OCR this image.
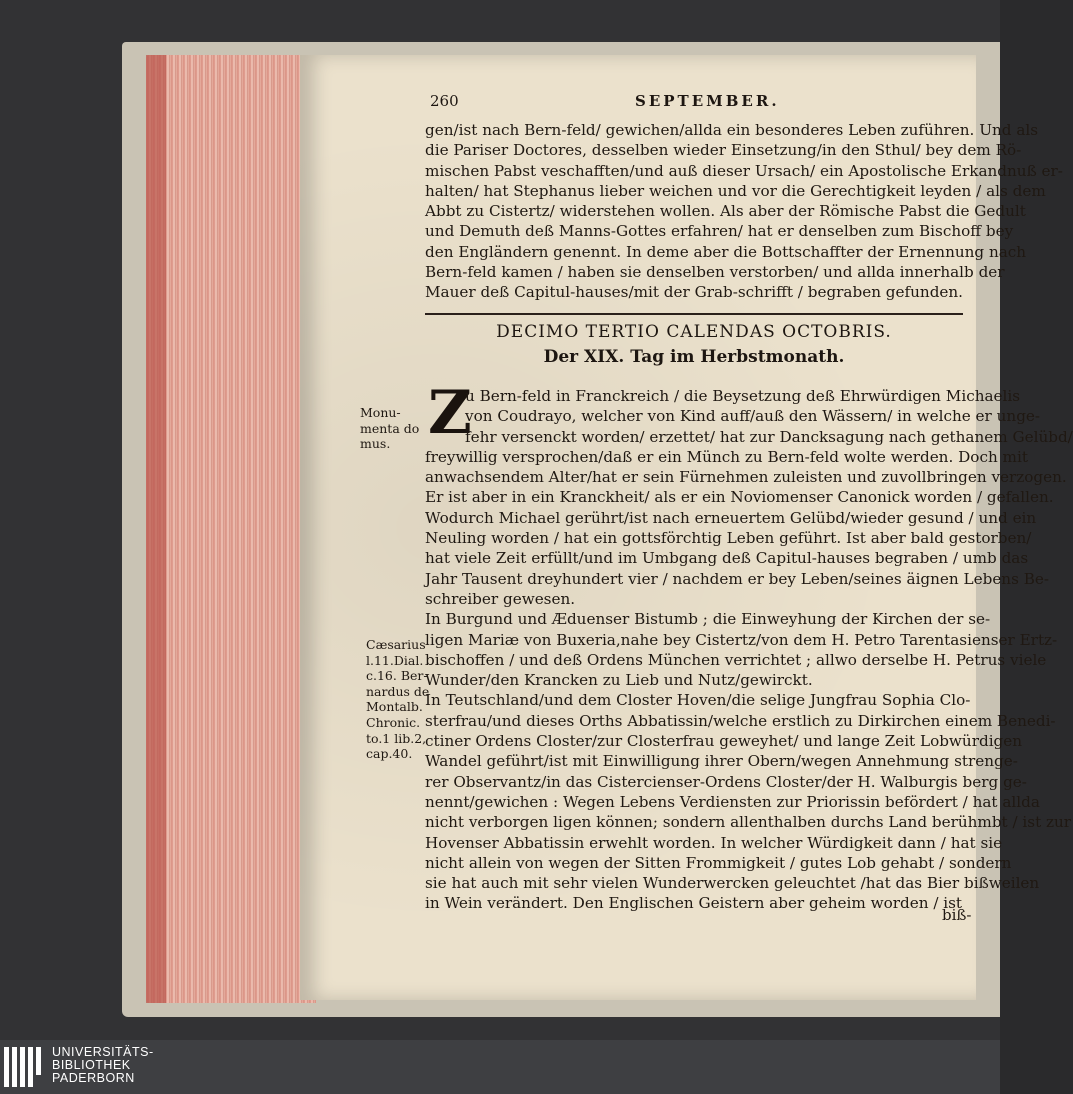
260	SEPTEMBER.
gen/ist nach Bern-feld/ gewichen/allda ein besonderes Leben zuführen. Und als
die Pariser Doctores, desselben wieder Einsetzung/in den Sthul/ bey dem Rö-
mischen Pabst veschafften/und auß dieser Ursach/ ein Apostolische Erkandnuß er-
halten/ hat Stephanus lieber weichen und vor die Gerechtigkeit leyden / als dem
Abbt zu Cistertz/ widerstehen wollen. Als aber der Römische Pabst die Gedult
und Demuth deß Manns-Gottes erfahren/ hat er denselben zum Bischoff bey
den Engländern genennt. In deme aber die Bottschaffter der Ernennung nach
Bern-feld kamen / haben sie denselben verstorben/ und allda innerhalb der
Mauer deß Capitul-hauses/mit der Grab-schrifft / begraben gefunden.
DECIMO TERTIO CALENDAS OCTOBRIS.
Der XIX. Tag im Herbstmonath.
Z
u Bern-feld in Franckreich / die Beysetzung deß Ehrwürdigen Michaelis
von Coudrayo, welcher von Kind auff/auß den Wässern/ in welche er unge-
fehr versenckt worden/ erzettet/ hat zur Dancksagung nach gethanem Gelübd/
freywillig versprochen/daß er ein Münch zu Bern-feld wolte werden. Doch mit
anwachsendem Alter/hat er sein Fürnehmen zuleisten und zuvollbringen verzogen.
Er ist aber in ein Kranckheit/ als er ein Noviomenser Canonick worden / gefallen.
Wodurch Michael gerührt/ist nach erneuertem Gelübd/wieder gesund / und ein
Neuling worden / hat ein gottsförchtig Leben geführt. Ist aber bald gestorben/
hat viele Zeit erfüllt/und im Umbgang deß Capitul-hauses begraben / umb das
Jahr Tausent dreyhundert vier / nachdem er bey Leben/seines äignen Lebens Be-
schreiber gewesen.
In Burgund und Æduenser Bistumb ; die Einweyhung der Kirchen der se-
ligen Mariæ von Buxeria,nahe bey Cistertz/von dem H. Petro Tarentasienser Ertz-
bischoffen / und deß Ordens München verrichtet ; allwo derselbe H. Petrus viele
Wunder/den Krancken zu Lieb und Nutz/gewirckt.
In Teutschland/und dem Closter Hoven/die selige Jungfrau Sophia Clo-
sterfrau/und dieses Orths Abbatissin/welche erstlich zu Dirkirchen einem Benedi-
ctiner Ordens Closter/zur Closterfrau geweyhet/ und lange Zeit Lobwürdigen
Wandel geführt/ist mit Einwilligung ihrer Obern/wegen Annehmung strenge-
rer Observantz/in das Cistercienser-Ordens Closter/der H. Walburgis berg ge-
nennt/gewichen : Wegen Lebens Verdiensten zur Priorissin befördert / hat allda
nicht verborgen ligen können; sondern allenthalben durchs Land berühmbt / ist zur
Hovenser Abbatissin erwehlt worden. In welcher Würdigkeit dann / hat sie
nicht allein von wegen der Sitten Frommigkeit / gutes Lob gehabt / sondern
sie hat auch mit sehr vielen Wunderwercken geleuchtet /hat das Bier bißweilen
in Wein verändert. Den Englischen Geistern aber geheim worden / ist
Monu-
menta do
mus.
Cæsarius
l.11.Dial.
c.16. Ber-
nardus de
Montalb.
Chronic.
to.1 lib.2,
cap.40.
biß-
UNIVERSITÄTS-
BIBLIOTHEK
PADERBORN
